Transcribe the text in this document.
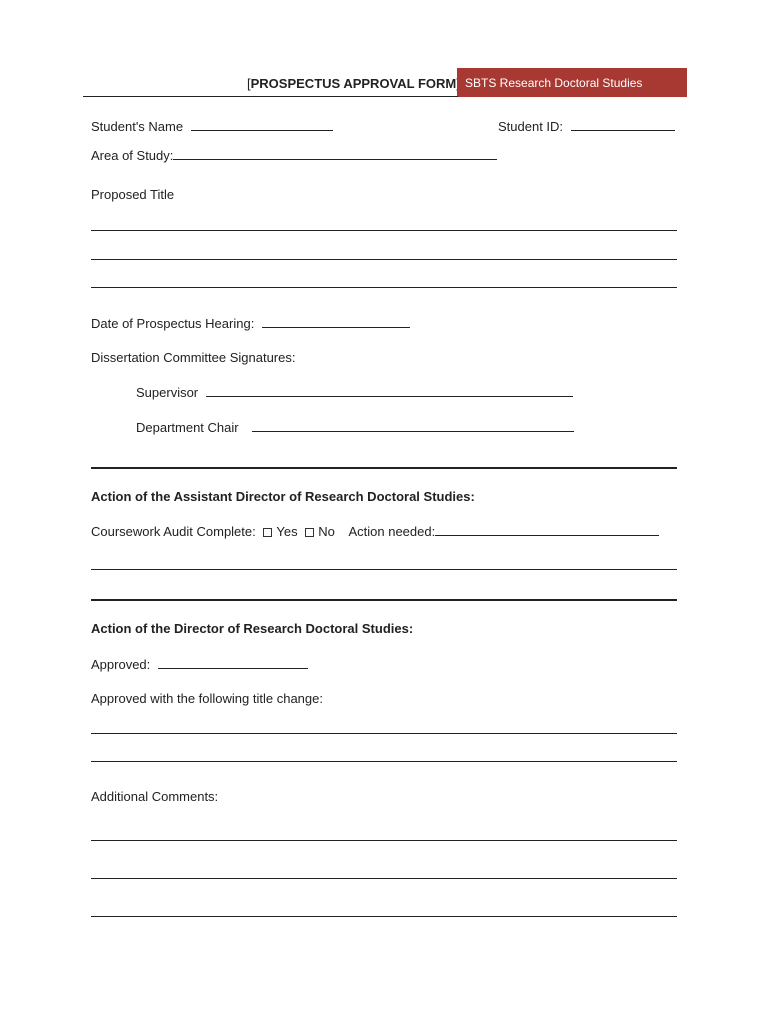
[PROSPECTUS APPROVAL FORM SBTS Research Doctoral Studies
Student's Name	Student ID:
Area of Study:
Proposed Title
Date of Prospectus Hearing:
Dissertation Committee Signatures:
Supervisor
Department Chair
Action of the Assistant Director of Research Doctoral Studies:
Coursework Audit Complete: Yes No Action needed:
Action of the Director of Research Doctoral Studies:
Approved:
Approved with the following title change:
Additional Comments:
